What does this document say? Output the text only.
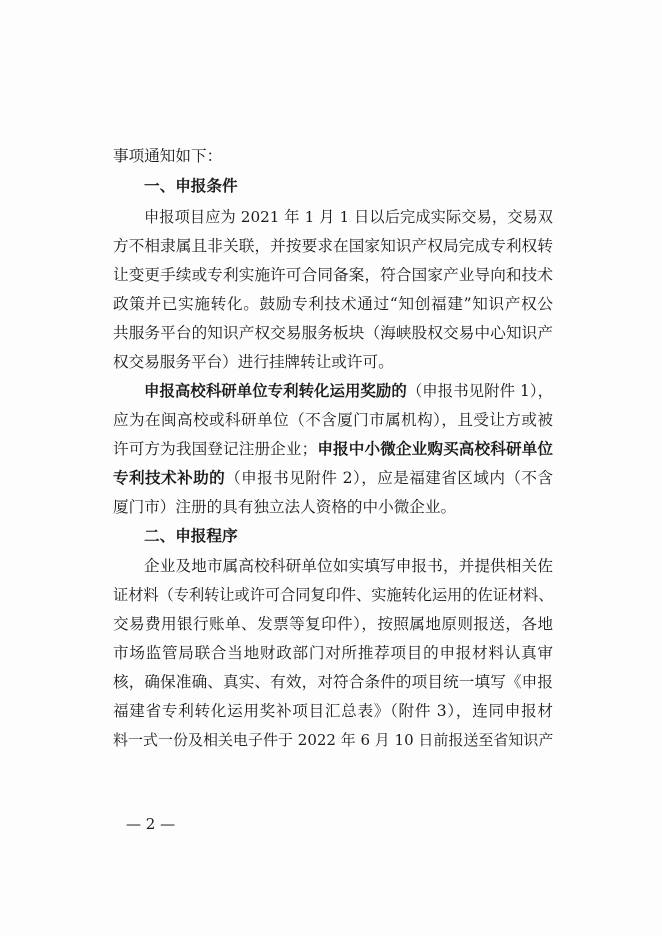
事项通知如下：
一、申报条件
申报项目应为 2021 年 1 月 1 日以后完成实际交易，交易双
方不相隶属且非关联，并按要求在国家知识产权局完成专利权转
让变更手续或专利实施许可合同备案，符合国家产业导向和技术
政策并已实施转化。鼓励专利技术通过“知创福建”知识产权公
共服务平台的知识产权交易服务板块（海峡股权交易中心知识产
权交易服务平台）进行挂牌转让或许可。
申报高校科研单位专利转化运用奖励的（申报书见附件 1），
应为在闽高校或科研单位（不含厦门市属机构），且受让方或被
许可方为我国登记注册企业；申报中小微企业购买高校科研单位
专利技术补助的（申报书见附件 2），应是福建省区域内（不含
厦门市）注册的具有独立法人资格的中小微企业。
二、申报程序
企业及地市属高校科研单位如实填写申报书，并提供相关佐
证材料（专利转让或许可合同复印件、实施转化运用的佐证材料、
交易费用银行账单、发票等复印件），按照属地原则报送，各地
市场监管局联合当地财政部门对所推荐项目的申报材料认真审
核，确保准确、真实、有效，对符合条件的项目统一填写《申报
福建省专利转化运用奖补项目汇总表》（附件 3），连同申报材
料一式一份及相关电子件于 2022 年 6 月 10 日前报送至省知识产
— 2 —
